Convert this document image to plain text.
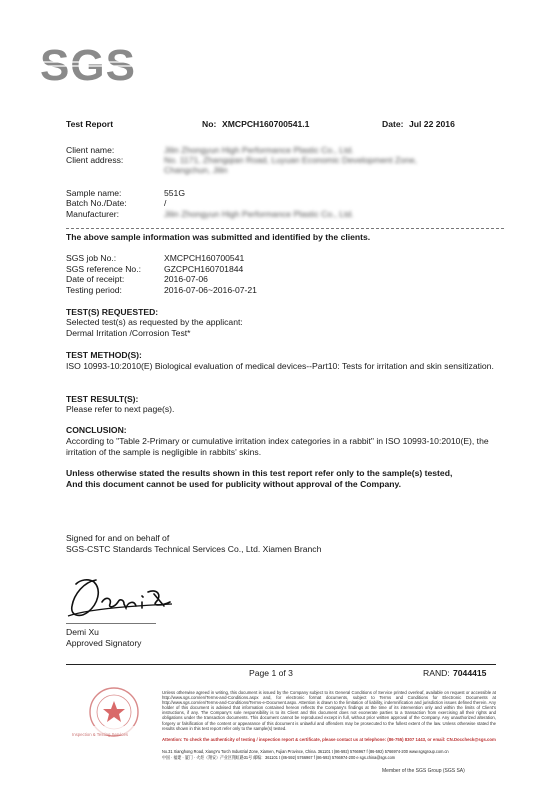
SGS
Test Report	No: XMCPCH160700541.1	Date: Jul 22 2016
Client name:	Jilin Zhongyun High Performance Plastic Co., Ltd.
Client address:	No. 1171, Zhangqian Road, Luyuan Economic Development Zone,
Changchun, Jilin
Sample name:	551G
Batch No./Date:	/
Manufacturer:	Jilin Zhongyun High Performance Plastic Co., Ltd.
The above sample information was submitted and identified by the clients.
SGS job No.:	XMCPCH160700541
SGS reference No.:	GZCPCH160701844
Date of receipt:	2016-07-06
Testing period:	2016-07-06~2016-07-21
TEST(S) REQUESTED:
Selected test(s) as requested by the applicant:
Dermal Irritation /Corrosion Test*
TEST METHOD(S):
ISO 10993-10:2010(E) Biological evaluation of medical devices--Part10: Tests for irritation and skin sensitization.
TEST RESULT(S):
Please refer to next page(s).
CONCLUSION:
According to "Table 2-Primary or cumulative irritation index categories in a rabbit" in ISO 10993-10:2010(E), the irritation of the sample is negligible in rabbits' skins.
Unless otherwise stated the results shown in this test report refer only to the sample(s) tested,
And this document cannot be used for publicity without approval of the Company.
Signed for and on behalf of
SGS-CSTC Standards Technical Services Co., Ltd. Xiamen Branch
Demi Xu
Approved Signatory
Page 1 of 3	RAND: 7044415
Inspection & Testing Services
Unless otherwise agreed in writing, this document is issued by the Company subject to its General Conditions of Service printed overleaf, available on request or accessible at http://www.sgs.com/en/Terms-and-Conditions.aspx and, for electronic format documents, subject to Terms and Conditions for Electronic Documents at http://www.sgs.com/en/Terms-and-Conditions/Terms-e-Document.aspx. Attention is drawn to the limitation of liability, indemnification and jurisdiction issues defined therein. Any holder of this document is advised that information contained hereon reflects the Company's findings at the time of its intervention only and within the limits of Client's instructions, if any. The Company's sole responsibility is to its Client and this document does not exonerate parties to a transaction from exercising all their rights and obligations under the transaction documents. This document cannot be reproduced except in full, without prior written approval of the Company. Any unauthorized alteration, forgery or falsification of the content or appearance of this document is unlawful and offenders may be prosecuted to the fullest extent of the law. Unless otherwise stated the results shown in this test report refer only to the sample(s) tested.
Attention: To check the authenticity of testing / inspection report & certificate, please contact us at telephone: (86-755) 8307 1443, or email: CN.Doccheck@sgs.com
No.31 Xianghong Road, XiangYu Torch Industrial Zone, Xiamen, Fujian Province, China. 361101 t (86-592) 5766967 f (86-592) 5766974-200 www.sgsgroup.com.cn
中国 · 福建 · 厦门 · 火炬（翔安）产业区翔虹路31号 邮编：361101 t (86-592) 5766967 f (86-592) 5766974-200 e sgs.china@sgs.com
Member of the SGS Group (SGS SA)
